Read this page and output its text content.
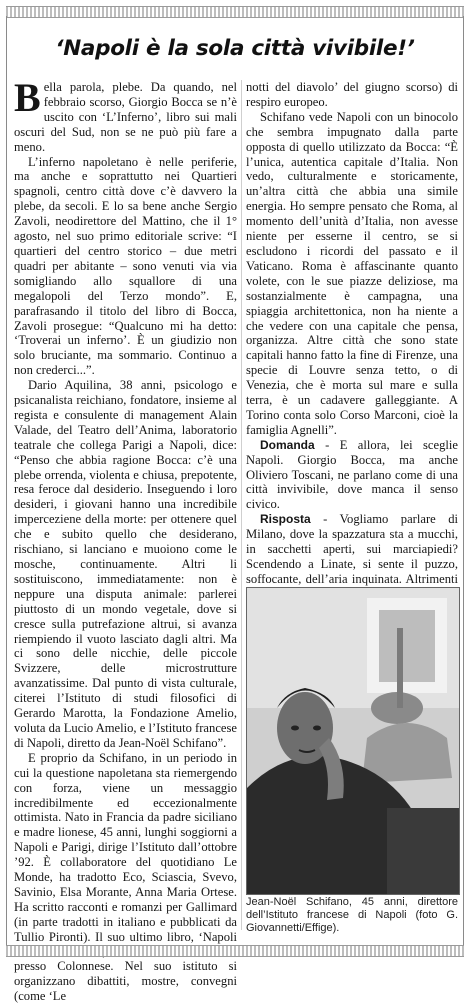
‘Napoli è la sola città vivibile!’

Bella parola, plebe. Da quando, nel febbraio scorso, Giorgio Bocca se n’è uscito con ‘L’Inferno’, libro sui mali oscuri del Sud, non se ne può più fare a meno.

L’inferno napoletano è nelle periferie, ma anche e soprattutto nei Quartieri spagnoli, centro città dove c’è davvero la plebe, da secoli. E lo sa bene anche Sergio Zavoli, neodirettore del Mattino, che il 1° agosto, nel suo primo editoriale scrive: “I quartieri del centro storico – due metri quadri per abitante – sono venuti via via somigliando allo squallore di una megalopoli del Terzo mondo”. E, parafrasando il titolo del libro di Bocca, Zavoli prosegue: “Qualcuno mi ha detto: ‘Troverai un inferno’. È un giudizio non solo bruciante, ma sommario. Continuo a non crederci...”.

Dario Aquilina, 38 anni, psicologo e psicanalista reichiano, fondatore, insieme al regista e consulente di management Alain Valade, del Teatro dell’Anima, laboratorio teatrale che collega Parigi a Napoli, dice: “Penso che abbia ragione Bocca: c’è una plebe orrenda, violenta e chiusa, prepotente, resa feroce dal desiderio. Inseguendo i loro desideri, i giovani hanno una incredibile imperceziene della morte: per ottenere quel che e subito quello che desiderano, rischiano, si lanciano e muoiono come le mosche, continuamente. Altri li sostituiscono, immediatamente: non è neppure una disputa animale: parlerei piuttosto di un mondo vegetale, dove si cresce sulla putrefazione altrui, si avanza riempiendo il vuoto lasciato dagli altri. Ma ci sono delle nicchie, delle piccole Svizzere, delle microstrutture avanzatissime. Dal punto di vista culturale, citerei l’Istituto di studi filosofici di Gerardo Marotta, la Fondazione Amelio, voluta da Lucio Amelio, e l’Istituto francese di Napoli, diretto da Jean-Noël Schifano”.

E proprio da Schifano, in un periodo in cui la questione napoletana sta riemergendo con forza, viene un messaggio incredibilmente ed eccezionalmente ottimista. Nato in Francia da padre siciliano e madre lionese, 45 anni, lunghi soggiorni a Napoli e Parigi, dirige l’Istituto dall’ottobre ’92. È collaboratore del quotidiano Le Monde, ha tradotto Eco, Sciascia, Svevo, Savinio, Elsa Morante, Anna Maria Ortese. Ha scritto racconti e romanzi per Gallimard (in parte tradotti in italiano e pubblicati da Tullio Pironti). Il suo ultimo libro, ‘Napoli presso Colonnese. Nel suo istituto si organizzano dibattiti, mostre, convegni (come ‘Le

notti del diavolo’ del giugno scorso) di respiro europeo.

Schifano vede Napoli con un binocolo che sembra impugnato dalla parte opposta di quello utilizzato da Bocca: “È l’unica, autentica capitale d’Italia. Non vedo, culturalmente e storicamente, un’altra città che abbia una simile energia. Ho sempre pensato che Roma, al momento dell’unità d’Italia, non avesse niente per esserne il centro, se si escludono i ricordi del passato e il Vaticano. Roma è affascinante quanto volete, con le sue piazze deliziose, ma sostanzialmente è campagna, una spiaggia architettonica, non ha niente a che vedere con una capitale che pensa, organizza. Altre città che sono state capitali hanno fatto la fine di Firenze, una specie di Louvre senza tetto, o di Venezia, che è morta sul mare e sulla terra, è un cadavere galleggiante. A Torino conta solo Corso Marconi, cioè la famiglia Agnelli”.

Domanda - E allora, lei sceglie Napoli. Giorgio Bocca, ma anche Oliviero Toscani, ne parlano come di una città invivibile, dove manca il senso civico.

Risposta - Vogliamo parlare di Milano, dove la spazzatura sta a mucchi, in sacchetti aperti, sui marciapiedi? Scendendo a Linate, si sente il puzzo, soffocante, dell’aria inquinata. Altrimenti

Jean-Noël Schifano, 45 anni, direttore dell’Istituto francese di Napoli (foto G. Giovannetti/Effige).
